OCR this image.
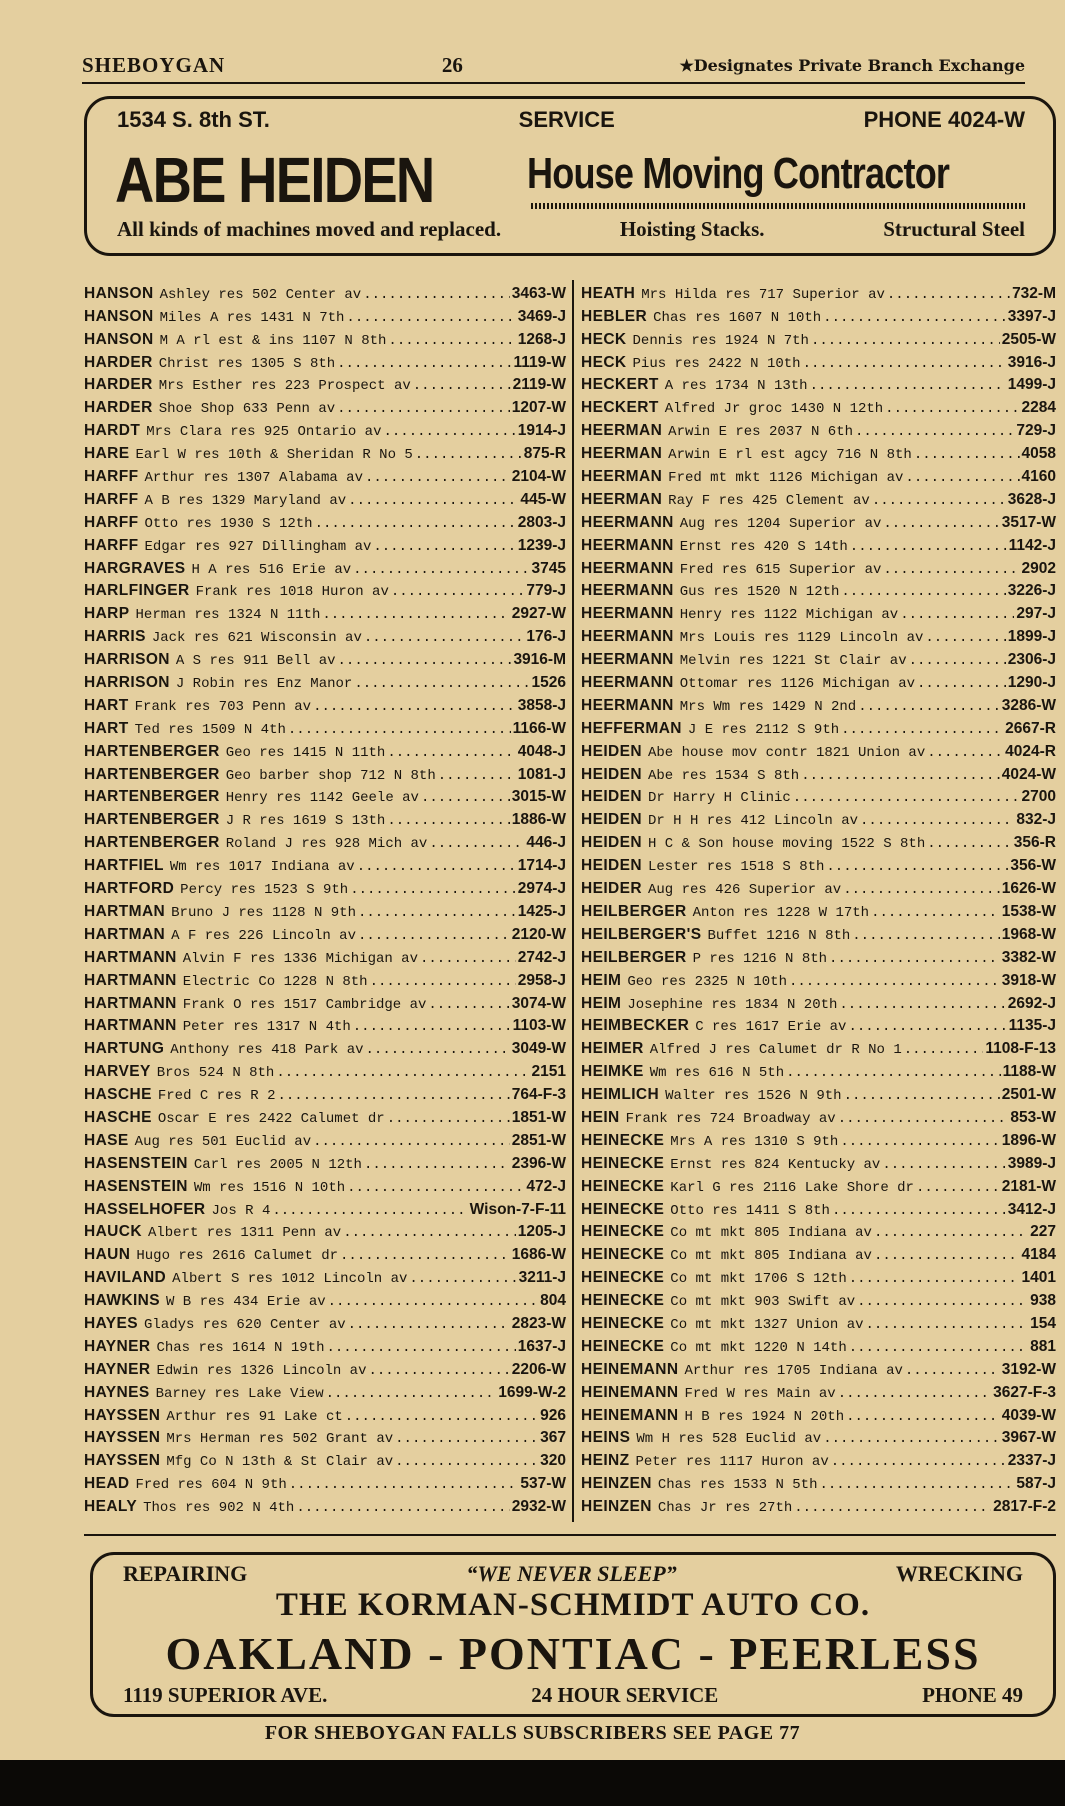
SHEBOYGAN	26	★Designates Private Branch Exchange
1534 S. 8th ST.	SERVICE	PHONE 4024-W
ABE HEIDEN House Moving Contractor
All kinds of machines moved and replaced.	Hoisting Stacks.	Structural Steel
HANSON Ashley res 502 Center av .....	3463-W
HANSON Miles A res 1431 N 7th .....	3469-J
HANSON M A rl est & ins 1107 N 8th .....	1268-J
HARDER Christ res 1305 S 8th .....	1119-W
HARDER Mrs Esther res 223 Prospect av .....	2119-W
HARDER Shoe Shop 633 Penn av .....	1207-W
HARDT Mrs Clara res 925 Ontario av .....	1914-J
HARE Earl W res 10th & Sheridan R No 5 .....	875-R
HARFF Arthur res 1307 Alabama av .....	2104-W
HARFF A B res 1329 Maryland av .....	445-W
HARFF Otto res 1930 S 12th .....	2803-J
HARFF Edgar res 927 Dillingham av .....	1239-J
HARGRAVES H A res 516 Erie av .....	3745
HARLFINGER Frank res 1018 Huron av .....	779-J
HARP Herman res 1324 N 11th .....	2927-W
HARRIS Jack res 621 Wisconsin av .....	176-J
HARRISON A S res 911 Bell av .....	3916-M
HARRISON J Robin res Enz Manor .....	1526
HART Frank res 703 Penn av .....	3858-J
HART Ted res 1509 N 4th .....	1166-W
HARTENBERGER Geo res 1415 N 11th .....	4048-J
HARTENBERGER Geo barber shop 712 N 8th .....	1081-J
HARTENBERGER Henry res 1142 Geele av .....	3015-W
HARTENBERGER J R res 1619 S 13th .....	1886-W
HARTENBERGER Roland J res 928 Mich av .....	446-J
HARTFIEL Wm res 1017 Indiana av .....	1714-J
HARTFORD Percy res 1523 S 9th .....	2974-J
HARTMAN Bruno J res 1128 N 9th .....	1425-J
HARTMAN A F res 226 Lincoln av .....	2120-W
HARTMANN Alvin F res 1336 Michigan av .....	2742-J
HARTMANN Electric Co 1228 N 8th .....	2958-J
HARTMANN Frank O res 1517 Cambridge av .....	3074-W
HARTMANN Peter res 1317 N 4th .....	1103-W
HARTUNG Anthony res 418 Park av .....	3049-W
HARVEY Bros 524 N 8th .....	2151
HASCHE Fred C res R 2 .....	764-F-3
HASCHE Oscar E res 2422 Calumet dr .....	1851-W
HASE Aug res 501 Euclid av .....	2851-W
HASENSTEIN Carl res 2005 N 12th .....	2396-W
HASENSTEIN Wm res 1516 N 10th .....	472-J
HASSELHOFER Jos R 4 .....	Wison-7-F-11
HAUCK Albert res 1311 Penn av .....	1205-J
HAUN Hugo res 2616 Calumet dr .....	1686-W
HAVILAND Albert S res 1012 Lincoln av .....	3211-J
HAWKINS W B res 434 Erie av .....	804
HAYES Gladys res 620 Center av .....	2823-W
HAYNER Chas res 1614 N 19th .....	1637-J
HAYNER Edwin res 1326 Lincoln av .....	2206-W
HAYNES Barney res Lake View .....	1699-W-2
HAYSSEN Arthur res 91 Lake ct .....	926
HAYSSEN Mrs Herman res 502 Grant av .....	367
HAYSSEN Mfg Co N 13th & St Clair av .....	320
HEAD Fred res 604 N 9th .....	537-W
HEALY Thos res 902 N 4th .....	2932-W
HEATH Mrs Hilda res 717 Superior av .....	732-M
HEBLER Chas res 1607 N 10th .....	3397-J
HECK Dennis res 1924 N 7th .....	2505-W
HECK Pius res 2422 N 10th .....	3916-J
HECKERT A res 1734 N 13th .....	1499-J
HECKERT Alfred Jr groc 1430 N 12th .....	2284
HEERMAN Arwin E res 2037 N 6th .....	729-J
HEERMAN Arwin E rl est agcy 716 N 8th .....	4058
HEERMAN Fred mt mkt 1126 Michigan av .....	4160
HEERMAN Ray F res 425 Clement av .....	3628-J
HEERMANN Aug res 1204 Superior av .....	3517-W
HEERMANN Ernst res 420 S 14th .....	1142-J
HEERMANN Fred res 615 Superior av .....	2902
HEERMANN Gus res 1520 N 12th .....	3226-J
HEERMANN Henry res 1122 Michigan av .....	297-J
HEERMANN Mrs Louis res 1129 Lincoln av .....	1899-J
HEERMANN Melvin res 1221 St Clair av .....	2306-J
HEERMANN Ottomar res 1126 Michigan av .....	1290-J
HEERMANN Mrs Wm res 1429 N 2nd .....	3286-W
HEFFERMAN J E res 2112 S 9th .....	2667-R
HEIDEN Abe house mov contr 1821 Union av .....	4024-R
HEIDEN Abe res 1534 S 8th .....	4024-W
HEIDEN Dr Harry H Clinic .....	2700
HEIDEN Dr H H res 412 Lincoln av .....	832-J
HEIDEN H C & Son house moving 1522 S 8th .....	356-R
HEIDEN Lester res 1518 S 8th .....	356-W
HEIDER Aug res 426 Superior av .....	1626-W
HEILBERGER Anton res 1228 W 17th .....	1538-W
HEILBERGER'S Buffet 1216 N 8th .....	1968-W
HEILBERGER P res 1216 N 8th .....	3382-W
HEIM Geo res 2325 N 10th .....	3918-W
HEIM Josephine res 1834 N 20th .....	2692-J
HEIMBECKER C res 1617 Erie av .....	1135-J
HEIMER Alfred J res Calumet dr R No 1 .....	1108-F-13
HEIMKE Wm res 616 N 5th .....	1188-W
HEIMLICH Walter res 1526 N 9th .....	2501-W
HEIN Frank res 724 Broadway av .....	853-W
HEINECKE Mrs A res 1310 S 9th .....	1896-W
HEINECKE Ernst res 824 Kentucky av .....	3989-J
HEINECKE Karl G res 2116 Lake Shore dr .....	2181-W
HEINECKE Otto res 1411 S 8th .....	3412-J
HEINECKE Co mt mkt 805 Indiana av .....	227
HEINECKE Co mt mkt 805 Indiana av .....	4184
HEINECKE Co mt mkt 1706 S 12th .....	1401
HEINECKE Co mt mkt 903 Swift av .....	938
HEINECKE Co mt mkt 1327 Union av .....	154
HEINECKE Co mt mkt 1220 N 14th .....	881
HEINEMANN Arthur res 1705 Indiana av .....	3192-W
HEINEMANN Fred W res Main av .....	3627-F-3
HEINEMANN H B res 1924 N 20th .....	4039-W
HEINS Wm H res 528 Euclid av .....	3967-W
HEINZ Peter res 1117 Huron av .....	2337-J
HEINZEN Chas res 1533 N 5th .....	587-J
HEINZEN Chas Jr res 27th .....	2817-F-2
REPAIRING	“WE NEVER SLEEP”	WRECKING
THE KORMAN-SCHMIDT AUTO CO.
OAKLAND - PONTIAC - PEERLESS
1119 SUPERIOR AVE.	24 HOUR SERVICE	PHONE 49
FOR SHEBOYGAN FALLS SUBSCRIBERS SEE PAGE 77
